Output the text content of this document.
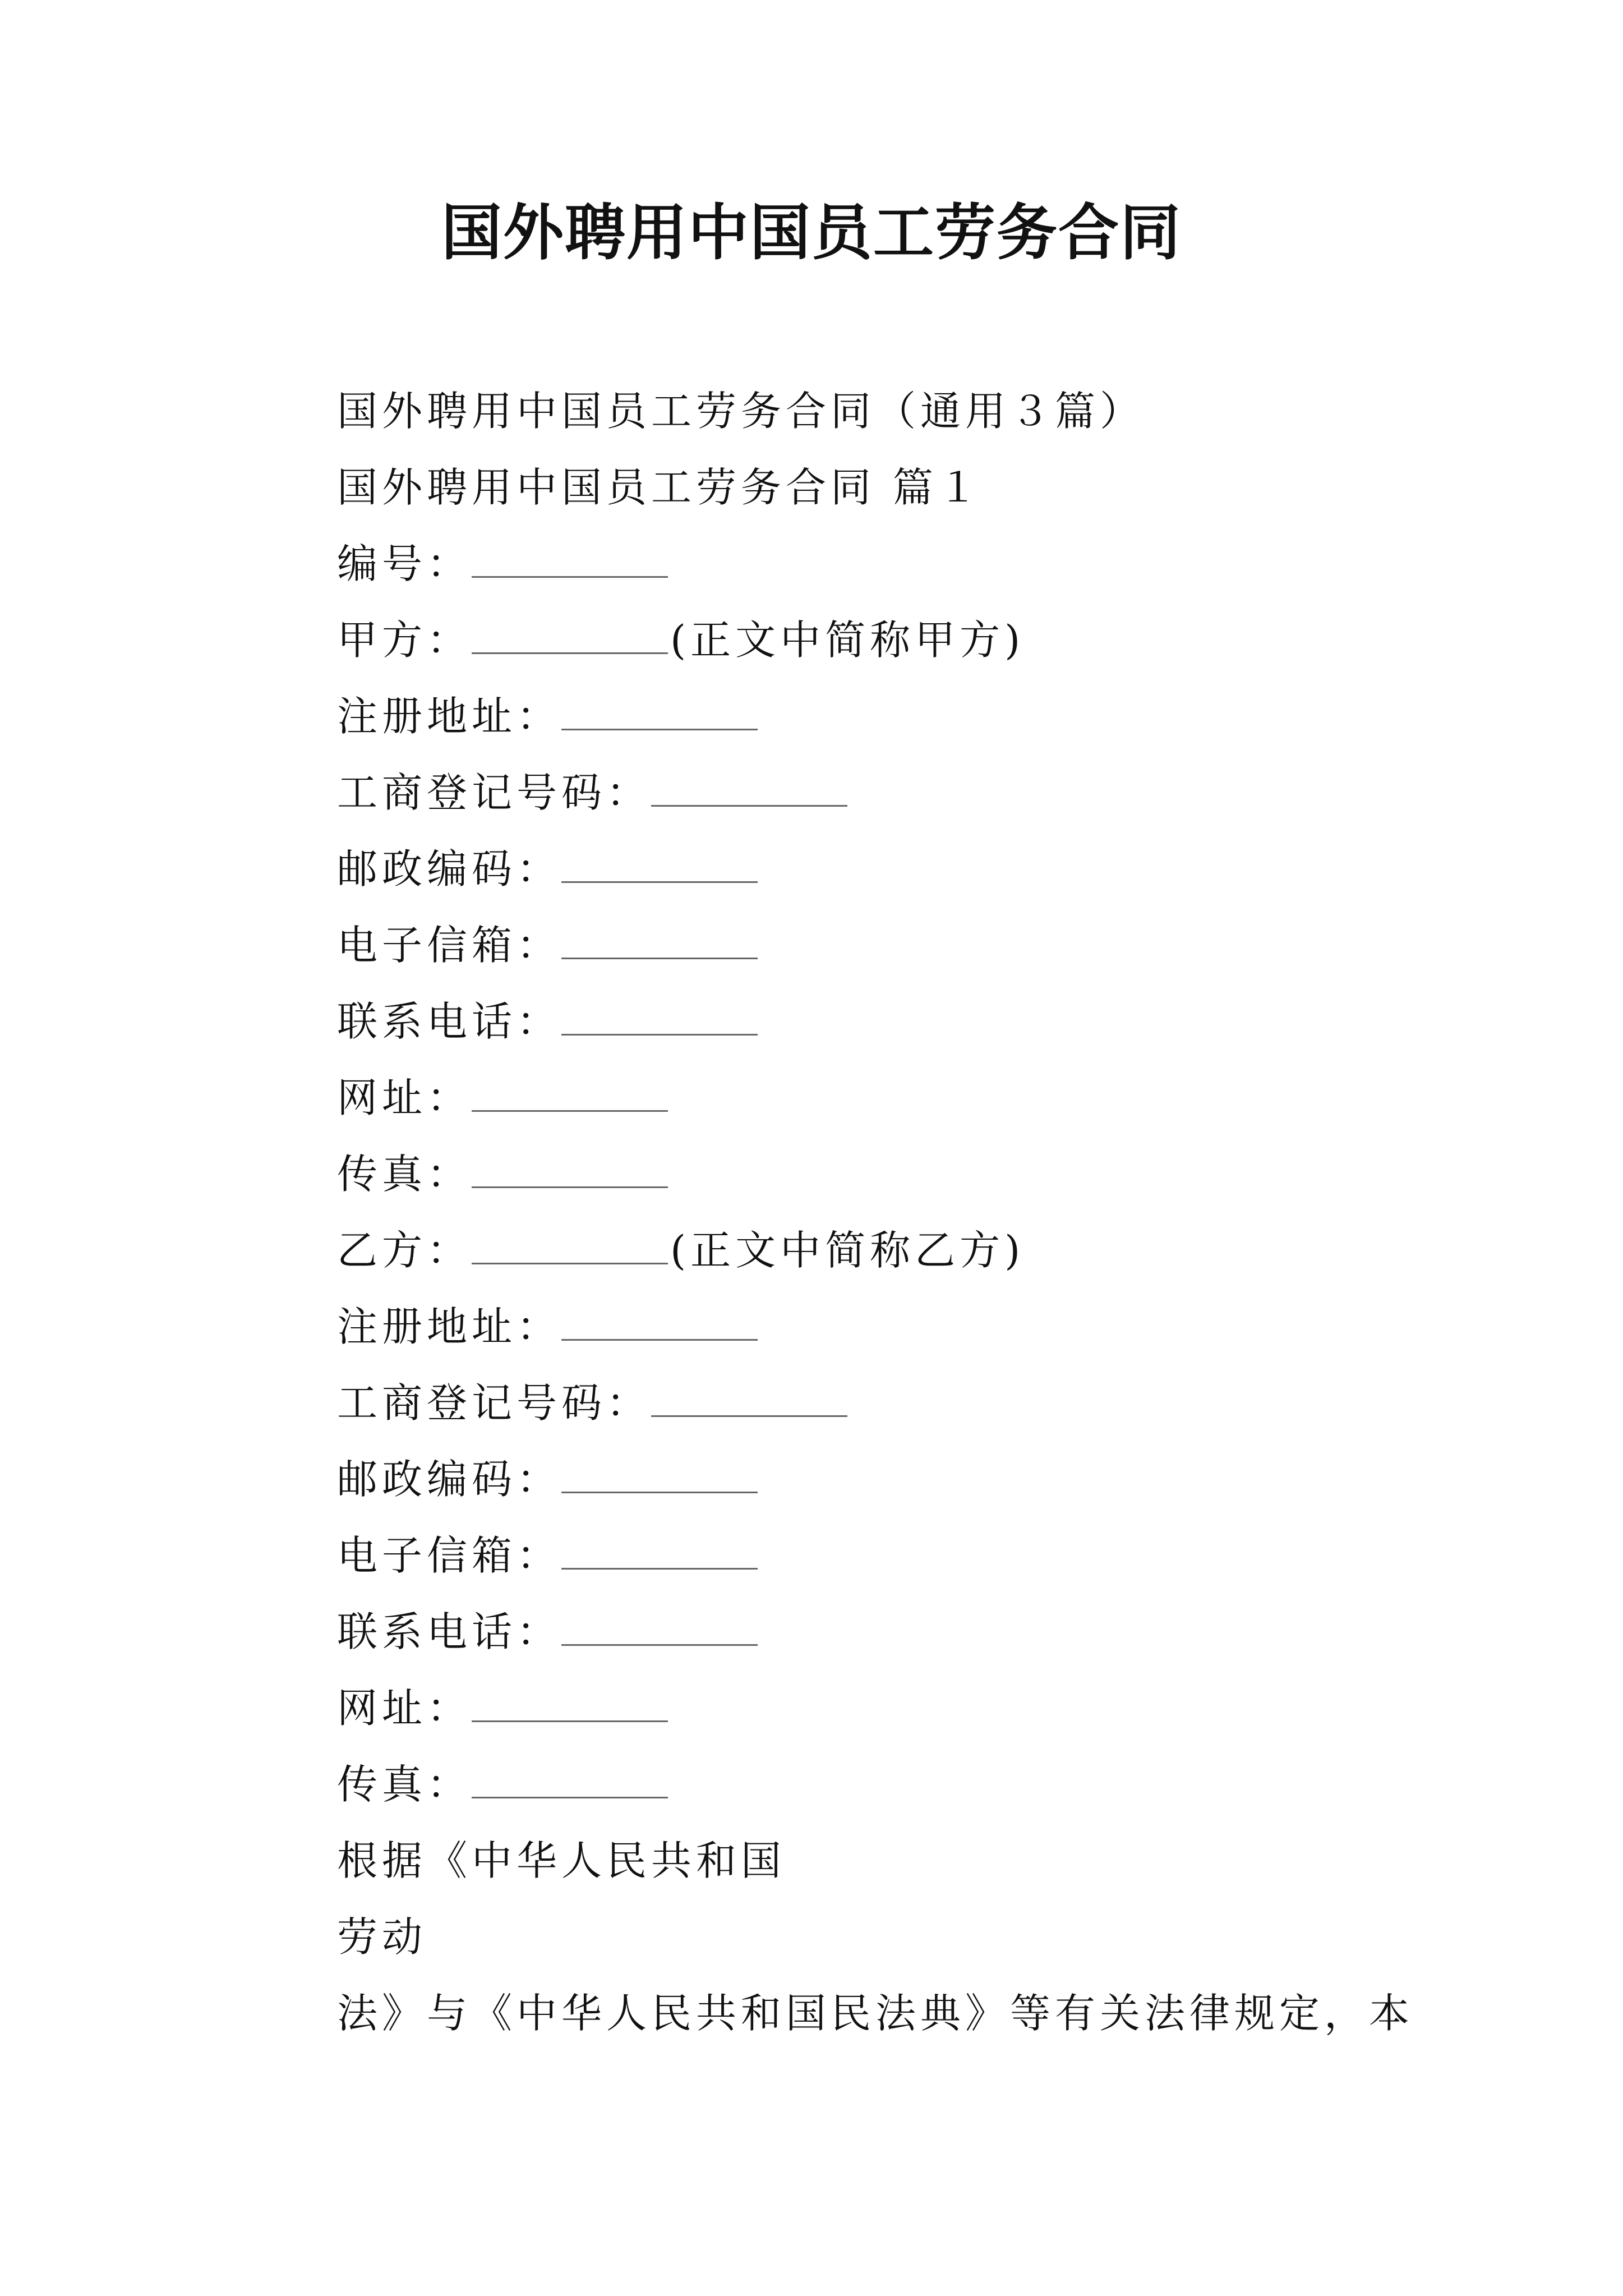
国外聘用中国员工劳务合同
国外聘用中国员工劳务合同（通用３篇）
国外聘用中国员工劳务合同 篇１
编号：
甲方：	(正文中简称甲方)
注册地址：
工商登记号码：
邮政编码：
电子信箱：
联系电话：
网址：
传真：
乙方：	(正文中简称乙方)
注册地址：
工商登记号码：
邮政编码：
电子信箱：
联系电话：
网址：
传真：
根据《中华人民共和国
劳动
法》与《中华人民共和国民法典》等有关法律规定，本
